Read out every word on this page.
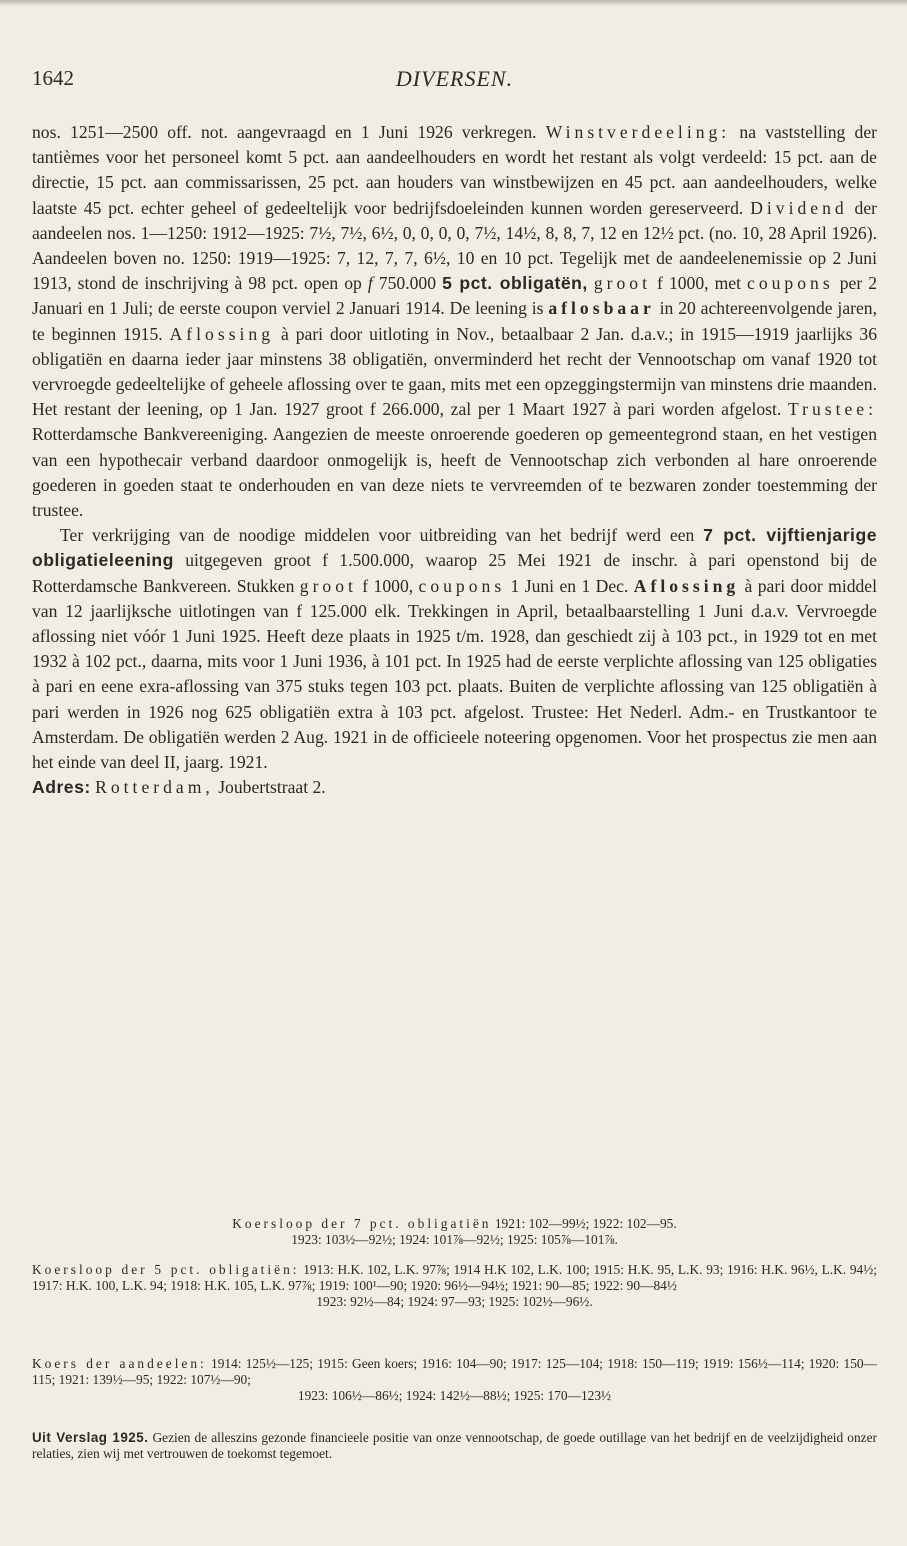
1642	DIVERSEN.

nos. 1251—2500 off. not. aangevraagd en 1 Juni 1926 verkregen. Winstverdeeling: na vaststelling der tantièmes voor het personeel komt 5 pct. aan aandeelhouders en wordt het restant als volgt verdeeld: 15 pct. aan de directie, 15 pct. aan commissarissen, 25 pct. aan houders van winstbewijzen en 45 pct. aan aandeelhouders, welke laatste 45 pct. echter geheel of gedeeltelijk voor bedrijfsdoeleinden kunnen worden gereserveerd. Dividend der aandeelen nos. 1—1250: 1912—1925: 7½, 7½, 6½, 0, 0, 0, 0, 7½, 14½, 8, 8, 7, 12 en 12½ pct. (no. 10, 28 April 1926). Aandeelen boven no. 1250: 1919—1925: 7, 12, 7, 7, 6½, 10 en 10 pct. Tegelijk met de aandeelenemissie op 2 Juni 1913, stond de inschrijving à 98 pct. open op f 750.000 5 pct. obligatën, groot f 1000, met coupons per 2 Januari en 1 Juli; de eerste coupon verviel 2 Januari 1914. De leening is aflosbaar in 20 achtereenvolgende jaren, te beginnen 1915. Aflossing à pari door uitloting in Nov., betaalbaar 2 Jan. d.a.v.; in 1915—1919 jaarlijks 36 obligatiën en daarna ieder jaar minstens 38 obligatiën, onverminderd het recht der Vennootschap om vanaf 1920 tot vervroegde gedeeltelijke of geheele aflossing over te gaan, mits met een opzeggingstermijn van minstens drie maanden. Het restant der leening, op 1 Jan. 1927 groot f 266.000, zal per 1 Maart 1927 à pari worden afgelost. Trustee: Rotterdamsche Bankvereeniging. Aangezien de meeste onroerende goederen op gemeentegrond staan, en het vestigen van een hypothecair verband daardoor onmogelijk is, heeft de Vennootschap zich verbonden al hare onroerende goederen in goeden staat te onderhouden en van deze niets te vervreemden of te bezwaren zonder toestemming der trustee.

Ter verkrijging van de noodige middelen voor uitbreiding van het bedrijf werd een 7 pct. vijftienjarige obligatieleening uitgegeven groot f 1.500.000, waarop 25 Mei 1921 de inschr. à pari openstond bij de Rotterdamsche Bankvereen. Stukken groot f 1000, coupons 1 Juni en 1 Dec. Aflossing à pari door middel van 12 jaarlijksche uitlotingen van f 125.000 elk. Trekkingen in April, betaalbaarstelling 1 Juni d.a.v. Vervroegde aflossing niet vóór 1 Juni 1925. Heeft deze plaats in 1925 t/m. 1928, dan geschiedt zij à 103 pct., in 1929 tot en met 1932 à 102 pct., daarna, mits voor 1 Juni 1936, à 101 pct. In 1925 had de eerste verplichte aflossing van 125 obligaties à pari en eene exra-aflossing van 375 stuks tegen 103 pct. plaats. Buiten de verplichte aflossing van 125 obligatiën à pari werden in 1926 nog 625 obligatiën extra à 103 pct. afgelost. Trustee: Het Nederl. Adm.- en Trustkantoor te Amsterdam. De obligatiën werden 2 Aug. 1921 in de officieele noteering opgenomen. Voor het prospectus zie men aan het einde van deel II, jaarg. 1921.

Adres: Rotterdam, Joubertstraat 2.

Koersloop der 7 pct. obligatiën 1921: 102—99½; 1922: 102—95.

1923: 103½—92½; 1924: 101⅞—92½; 1925: 105⅞—101⅞.

Koersloop der 5 pct. obligatiën: 1913: H.K. 102, L.K. 97⅞; 1914 H.K 102, L.K. 100; 1915: H.K. 95, L.K. 93; 1916: H.K. 96½, L.K. 94½; 1917: H.K. 100, L.K. 94; 1918: H.K. 105, L.K. 97⅞; 1919: 100¹—90; 1920: 96½—94½; 1921: 90—85; 1922: 90—84½

1923: 92½—84; 1924: 97—93; 1925: 102½—96½.

Koers der aandeelen: 1914: 125½—125; 1915: Geen koers; 1916: 104—90; 1917: 125—104; 1918: 150—119; 1919: 156½—114; 1920: 150—115; 1921: 139½—95; 1922: 107½—90;

1923: 106½—86½; 1924: 142½—88½; 1925: 170—123½

Uit Verslag 1925. Gezien de alleszins gezonde financieele positie van onze vennootschap, de goede outillage van het bedrijf en de veelzijdigheid onzer relaties, zien wij met vertrouwen de toekomst tegemoet.
